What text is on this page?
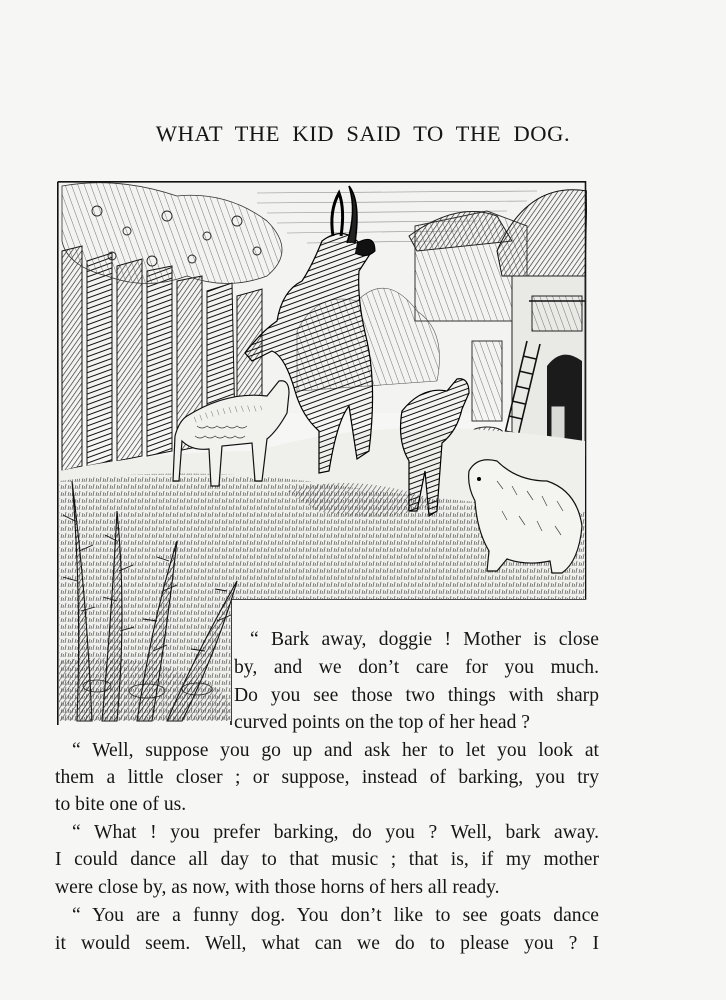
WHAT THE KID SAID TO THE DOG.
“ Bark away, doggie ! Mother is close
by, and we don’t care for you much.
Do you see those two things with sharp
curved points on the top of her head ?
“ Well, suppose you go up and ask her to let you look at
them a little closer ; or suppose, instead of barking, you try
to bite one of us.
“ What ! you prefer barking, do you ? Well, bark away.
I could dance all day to that music ; that is, if my mother
were close by, as now, with those horns of hers all ready.
“ You are a funny dog. You don’t like to see goats dance
it would seem. Well, what can we do to please you ? I
